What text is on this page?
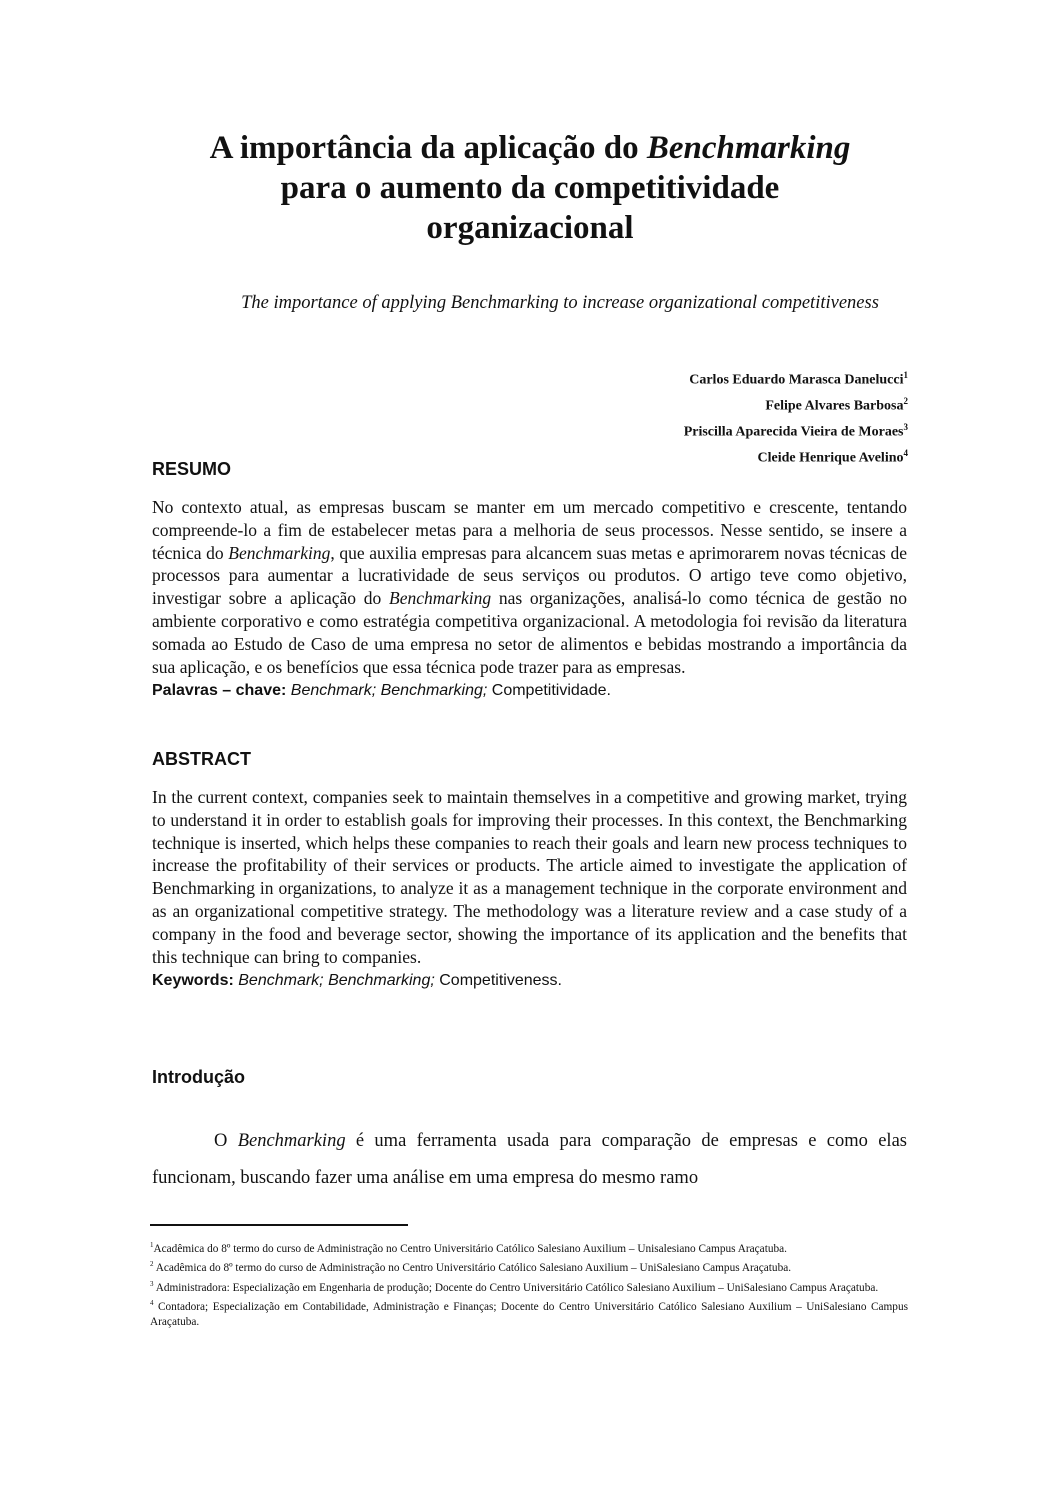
A importância da aplicação do Benchmarking
para o aumento da competitividade
organizacional

The importance of applying Benchmarking to increase organizational competitiveness

Carlos Eduardo Marasca Danelucci$^1$
Felipe Alvares Barbosa$^2$
Priscilla Aparecida Vieira de Moraes$^3$
Cleide Henrique Avelino$^4$
RESUMO

No contexto atual, as empresas buscam se manter em um mercado competitivo e crescente, tentando compreende-lo a fim de estabelecer metas para a melhoria de seus processos. Nesse sentido, se insere a técnica do Benchmarking, que auxilia empresas para alcancem suas metas e aprimorarem novas técnicas de processos para aumentar a lucratividade de seus serviços ou produtos. O artigo teve como objetivo, investigar sobre a aplicação do Benchmarking nas organizações, analisá-lo como técnica de gestão no ambiente corporativo e como estratégia competitiva organizacional. A metodologia foi revisão da literatura somada ao Estudo de Caso de uma empresa no setor de alimentos e bebidas mostrando a importância da sua aplicação, e os benefícios que essa técnica pode trazer para as empresas.
Palavras – chave: Benchmark; Benchmarking; Competitividade.

ABSTRACT

In the current context, companies seek to maintain themselves in a competitive and growing market, trying to understand it in order to establish goals for improving their processes. In this context, the Benchmarking technique is inserted, which helps these companies to reach their goals and learn new process techniques to increase the profitability of their services or products. The article aimed to investigate the application of Benchmarking in organizations, to analyze it as a management technique in the corporate environment and as an organizational competitive strategy. The methodology was a literature review and a case study of a company in the food and beverage sector, showing the importance of its application and the benefits that this technique can bring to companies.
Keywords: Benchmark; Benchmarking; Competitiveness.

Introdução

O Benchmarking é uma ferramenta usada para comparação de empresas e como elas funcionam, buscando fazer uma análise em uma empresa do mesmo ramo

$^1$Acadêmica do 8º termo do curso de Administração no Centro Universitário Católico Salesiano Auxilium – Unisalesiano Campus Araçatuba.

$^2$ Acadêmica do 8º termo do curso de Administração no Centro Universitário Católico Salesiano Auxilium – UniSalesiano Campus Araçatuba.

$^3$ Administradora: Especialização em Engenharia de produção; Docente do Centro Universitário Católico Salesiano Auxilium – UniSalesiano Campus Araçatuba.

$^4$ Contadora; Especialização em Contabilidade, Administração e Finanças; Docente do Centro Universitário Católico Salesiano Auxilium – UniSalesiano Campus Araçatuba.
